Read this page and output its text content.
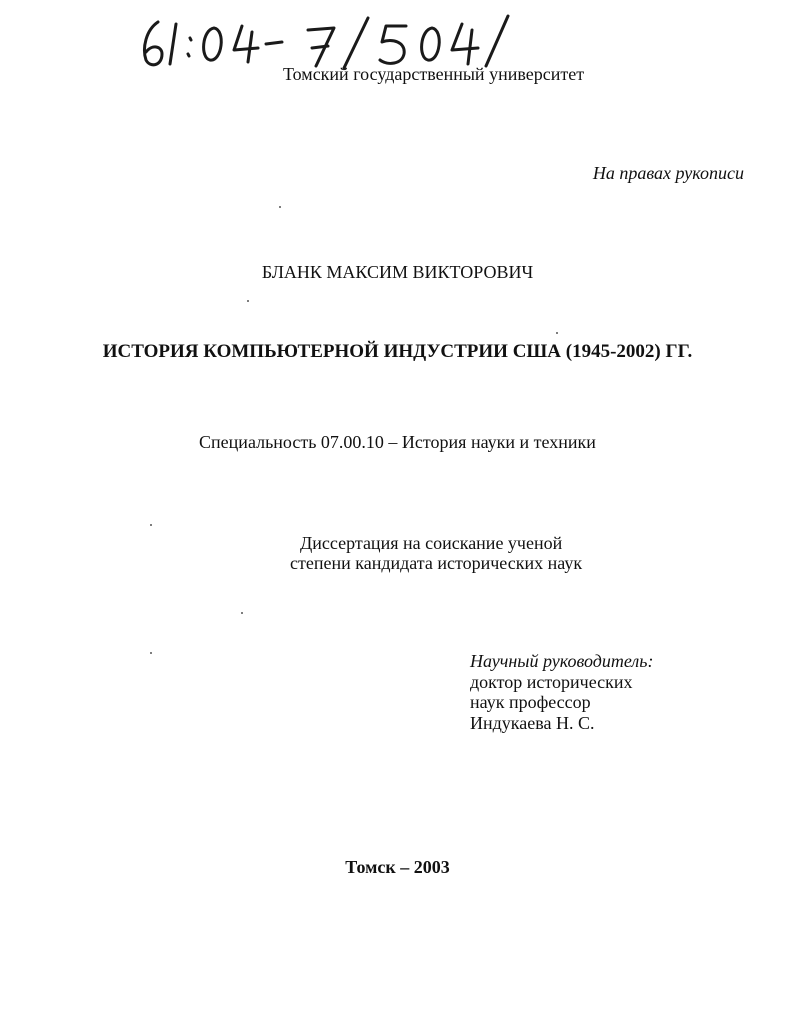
Томский государственный университет
На правах рукописи
БЛАНК МАКСИМ ВИКТОРОВИЧ
ИСТОРИЯ КОМПЬЮТЕРНОЙ ИНДУСТРИИ США (1945-2002) ГГ.
Специальность 07.00.10 – История науки и техники
Диссертация на соискание ученой
степени кандидата исторических наук
Научный руководитель:
доктор исторических
наук профессор
Индукаева Н. С.
Томск – 2003
